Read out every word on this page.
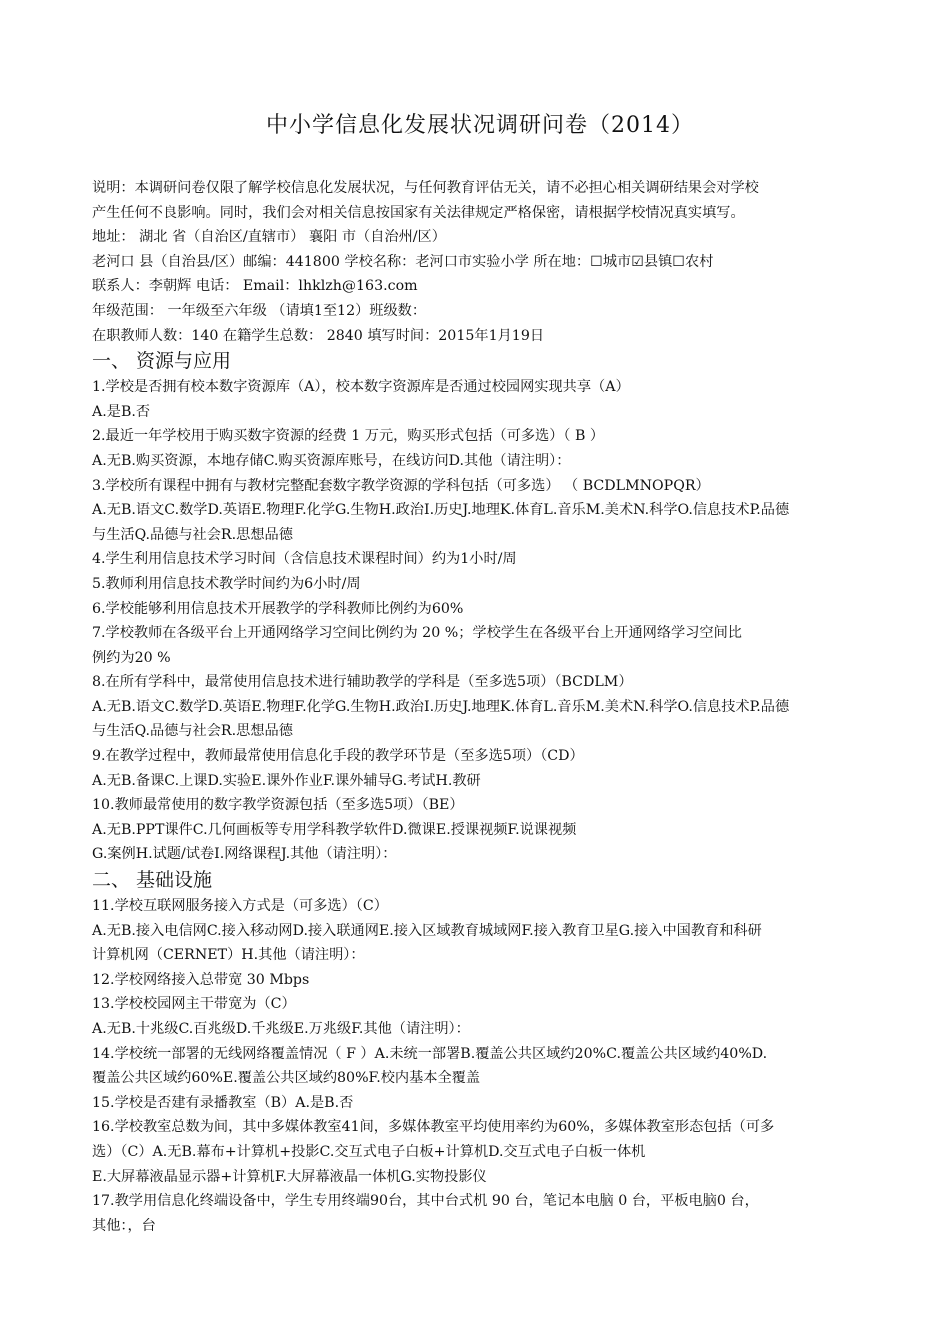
中小学信息化发展状况调研问卷（2014）
说明：本调研问卷仅限了解学校信息化发展状况，与任何教育评估无关，请不必担心相关调研结果会对学校
产生任何不良影响。同时，我们会对相关信息按国家有关法律规定严格保密，请根据学校情况真实填写。
地址： 湖北 省（自治区/直辖市） 襄阳 市（自治州/区）
老河口 县（自治县/区）邮编：441800 学校名称：老河口市实验小学 所在地：☐城市☑县镇☐农村
联系人：李朝辉 电话： Email：lhklzh@163.com
年级范围： 一年级至六年级 （请填1至12）班级数：
在职教师人数：140 在籍学生总数： 2840 填写时间：2015年1月19日
一、 资源与应用
1.学校是否拥有校本数字资源库（A），校本数字资源库是否通过校园网实现共享（A）
A.是B.否
2.最近一年学校用于购买数字资源的经费 1 万元，购买形式包括（可多选）（ B ）
A.无B.购买资源，本地存储C.购买资源库账号，在线访问D.其他（请注明）：
3.学校所有课程中拥有与教材完整配套数字教学资源的学科包括（可多选） （ BCDLMNOPQR）
A.无B.语文C.数学D.英语E.物理F.化学G.生物H.政治I.历史J.地理K.体育L.音乐M.美术N.科学O.信息技术P.品德
与生活Q.品德与社会R.思想品德
4.学生利用信息技术学习时间（含信息技术课程时间）约为1小时/周
5.教师利用信息技术教学时间约为6小时/周
6.学校能够利用信息技术开展教学的学科教师比例约为60%
7.学校教师在各级平台上开通网络学习空间比例约为 20 %；学校学生在各级平台上开通网络学习空间比
例约为20 %
8.在所有学科中，最常使用信息技术进行辅助教学的学科是（至多选5项）（BCDLM）
A.无B.语文C.数学D.英语E.物理F.化学G.生物H.政治I.历史J.地理K.体育L.音乐M.美术N.科学O.信息技术P.品德
与生活Q.品德与社会R.思想品德
9.在教学过程中，教师最常使用信息化手段的教学环节是（至多选5项）（CD）
A.无B.备课C.上课D.实验E.课外作业F.课外辅导G.考试H.教研
10.教师最常使用的数字教学资源包括（至多选5项）（BE）
A.无B.PPT课件C.几何画板等专用学科教学软件D.微课E.授课视频F.说课视频
G.案例H.试题/试卷I.网络课程J.其他（请注明）：
二、 基础设施
11.学校互联网服务接入方式是（可多选）（C）
A.无B.接入电信网C.接入移动网D.接入联通网E.接入区域教育城域网F.接入教育卫星G.接入中国教育和科研
计算机网（CERNET）H.其他（请注明）：
12.学校网络接入总带宽 30 Mbps
13.学校校园网主干带宽为（C）
A.无B.十兆级C.百兆级D.千兆级E.万兆级F.其他（请注明）：
14.学校统一部署的无线网络覆盖情况（ F ）A.未统一部署B.覆盖公共区域约20%C.覆盖公共区域约40%D.
覆盖公共区域约60%E.覆盖公共区域约80%F.校内基本全覆盖
15.学校是否建有录播教室（B）A.是B.否
16.学校教室总数为间，其中多媒体教室41间，多媒体教室平均使用率约为60%，多媒体教室形态包括（可多
选）（C）A.无B.幕布+计算机+投影C.交互式电子白板+计算机D.交互式电子白板一体机
E.大屏幕液晶显示器+计算机F.大屏幕液晶一体机G.实物投影仪
17.教学用信息化终端设备中，学生专用终端90台，其中台式机 90 台，笔记本电脑 0 台，平板电脑0 台，
其他：，台
